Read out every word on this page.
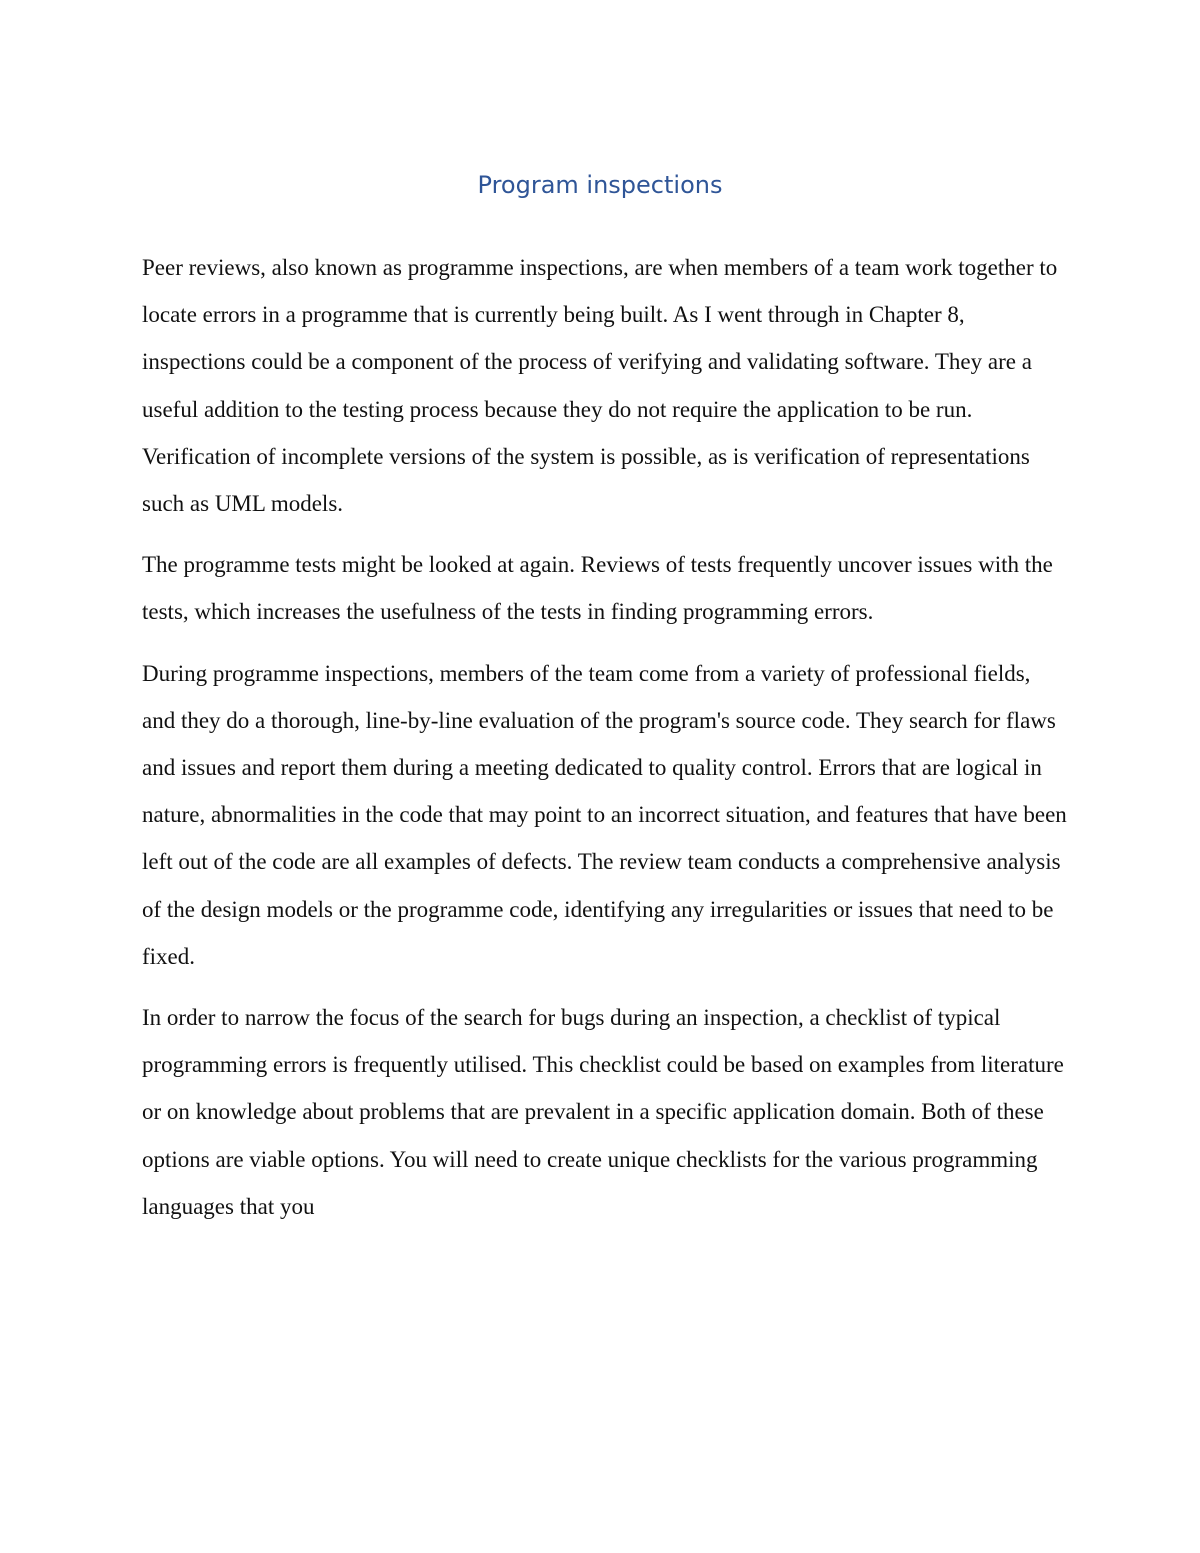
Program inspections

Peer reviews, also known as programme inspections, are when members of a team work together to locate errors in a programme that is currently being built. As I went through in Chapter 8, inspections could be a component of the process of verifying and validating software. They are a useful addition to the testing process because they do not require the application to be run. Verification of incomplete versions of the system is possible, as is verification of representations such as UML models.

The programme tests might be looked at again. Reviews of tests frequently uncover issues with the tests, which increases the usefulness of the tests in finding programming errors.

During programme inspections, members of the team come from a variety of professional fields, and they do a thorough, line-by-line evaluation of the program's source code. They search for flaws and issues and report them during a meeting dedicated to quality control. Errors that are logical in nature, abnormalities in the code that may point to an incorrect situation, and features that have been left out of the code are all examples of defects. The review team conducts a comprehensive analysis of the design models or the programme code, identifying any irregularities or issues that need to be fixed.

In order to narrow the focus of the search for bugs during an inspection, a checklist of typical programming errors is frequently utilised. This checklist could be based on examples from literature or on knowledge about problems that are prevalent in a specific application domain. Both of these options are viable options. You will need to create unique checklists for the various programming languages that you
